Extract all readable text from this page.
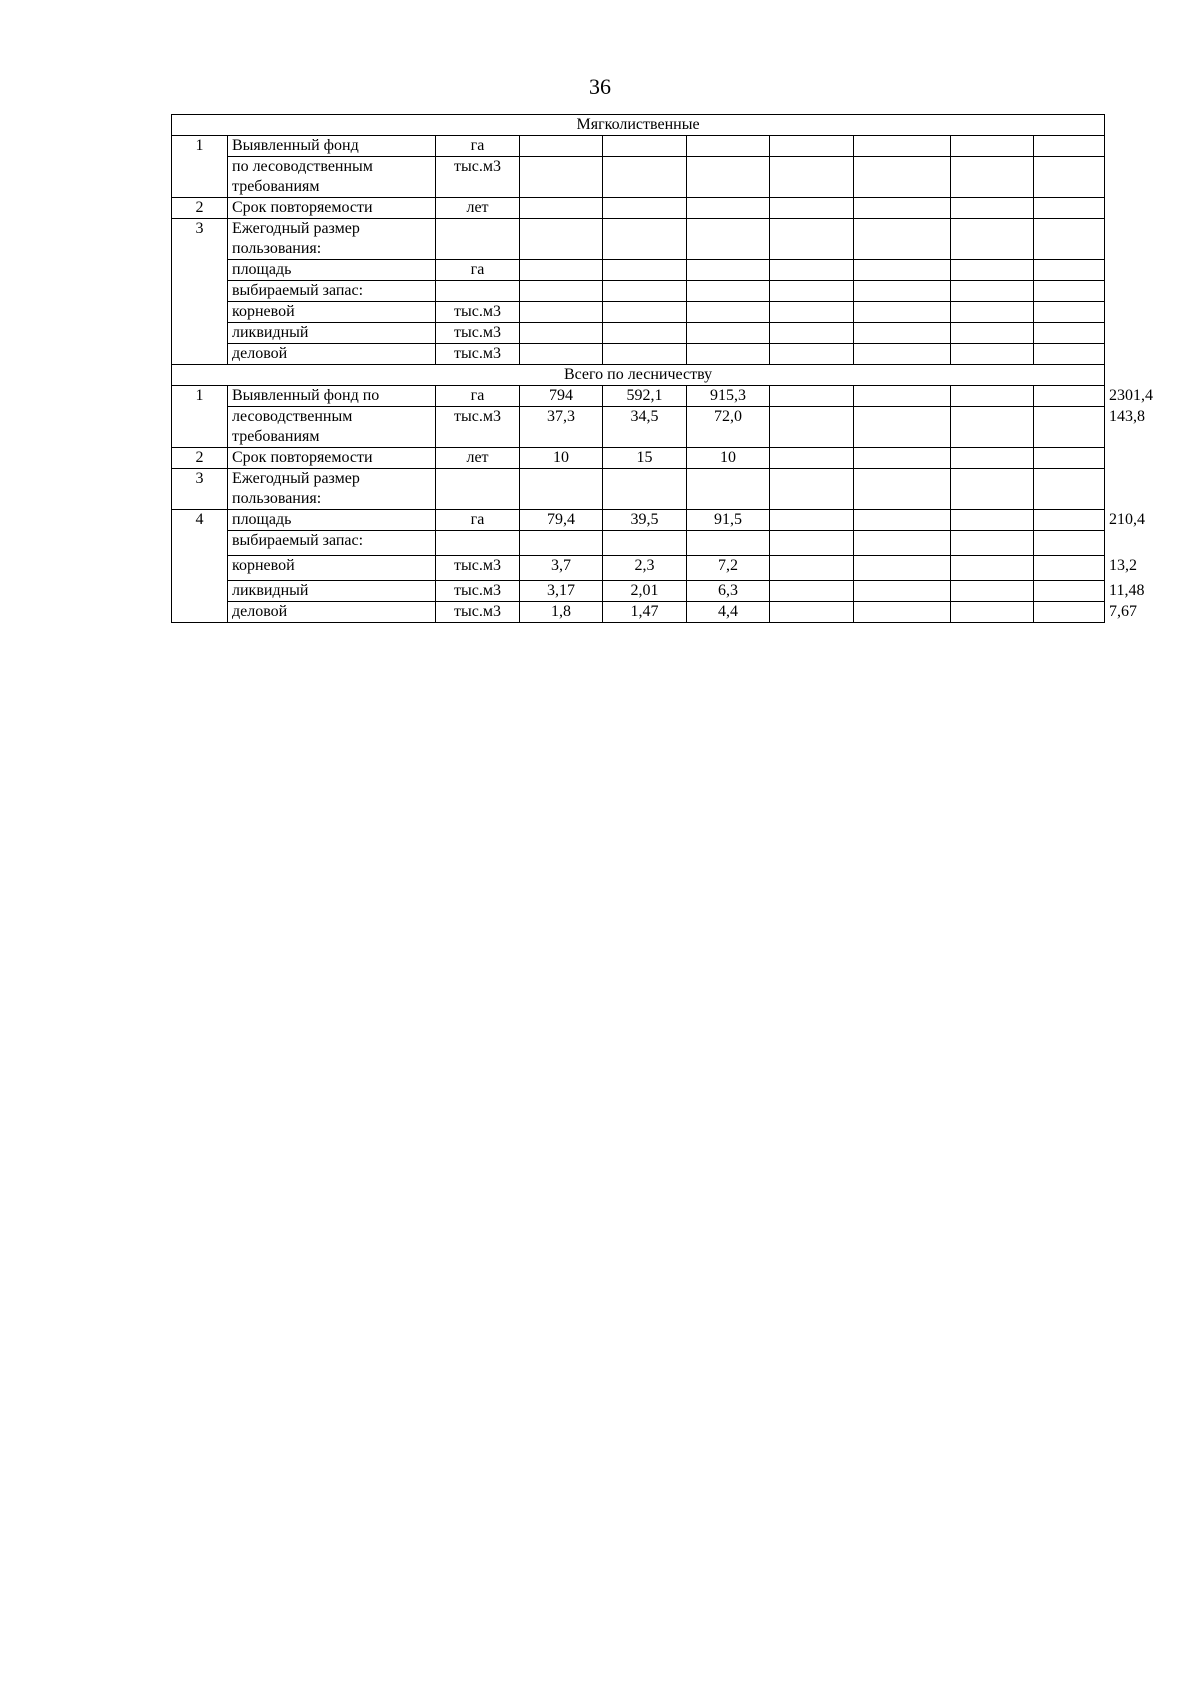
36
Мягколиственные										
1	Выявленный фонд	га								
	по лесоводственным требованиям	тыс.м3								
2	Срок повторяемости	лет								
3	Ежегодный размер пользования:									
	площадь	га								
	выбираемый запас:									
	корневой	тыс.м3								
	ликвидный	тыс.м3								
	деловой	тыс.м3								
Всего по лесничеству										
1	Выявленный фонд по	га	794	592,1	915,3					2301,4
	лесоводственным требованиям	тыс.м3	37,3	34,5	72,0					143,8
2	Срок повторяемости	лет	10	15	10					
3	Ежегодный размер пользования:									
4	площадь	га	79,4	39,5	91,5					210,4
	выбираемый запас:									
	корневой	тыс.м3	3,7	2,3	7,2					13,2
	ликвидный	тыс.м3	3,17	2,01	6,3					11,48
	деловой	тыс.м3	1,8	1,47	4,4					7,67
